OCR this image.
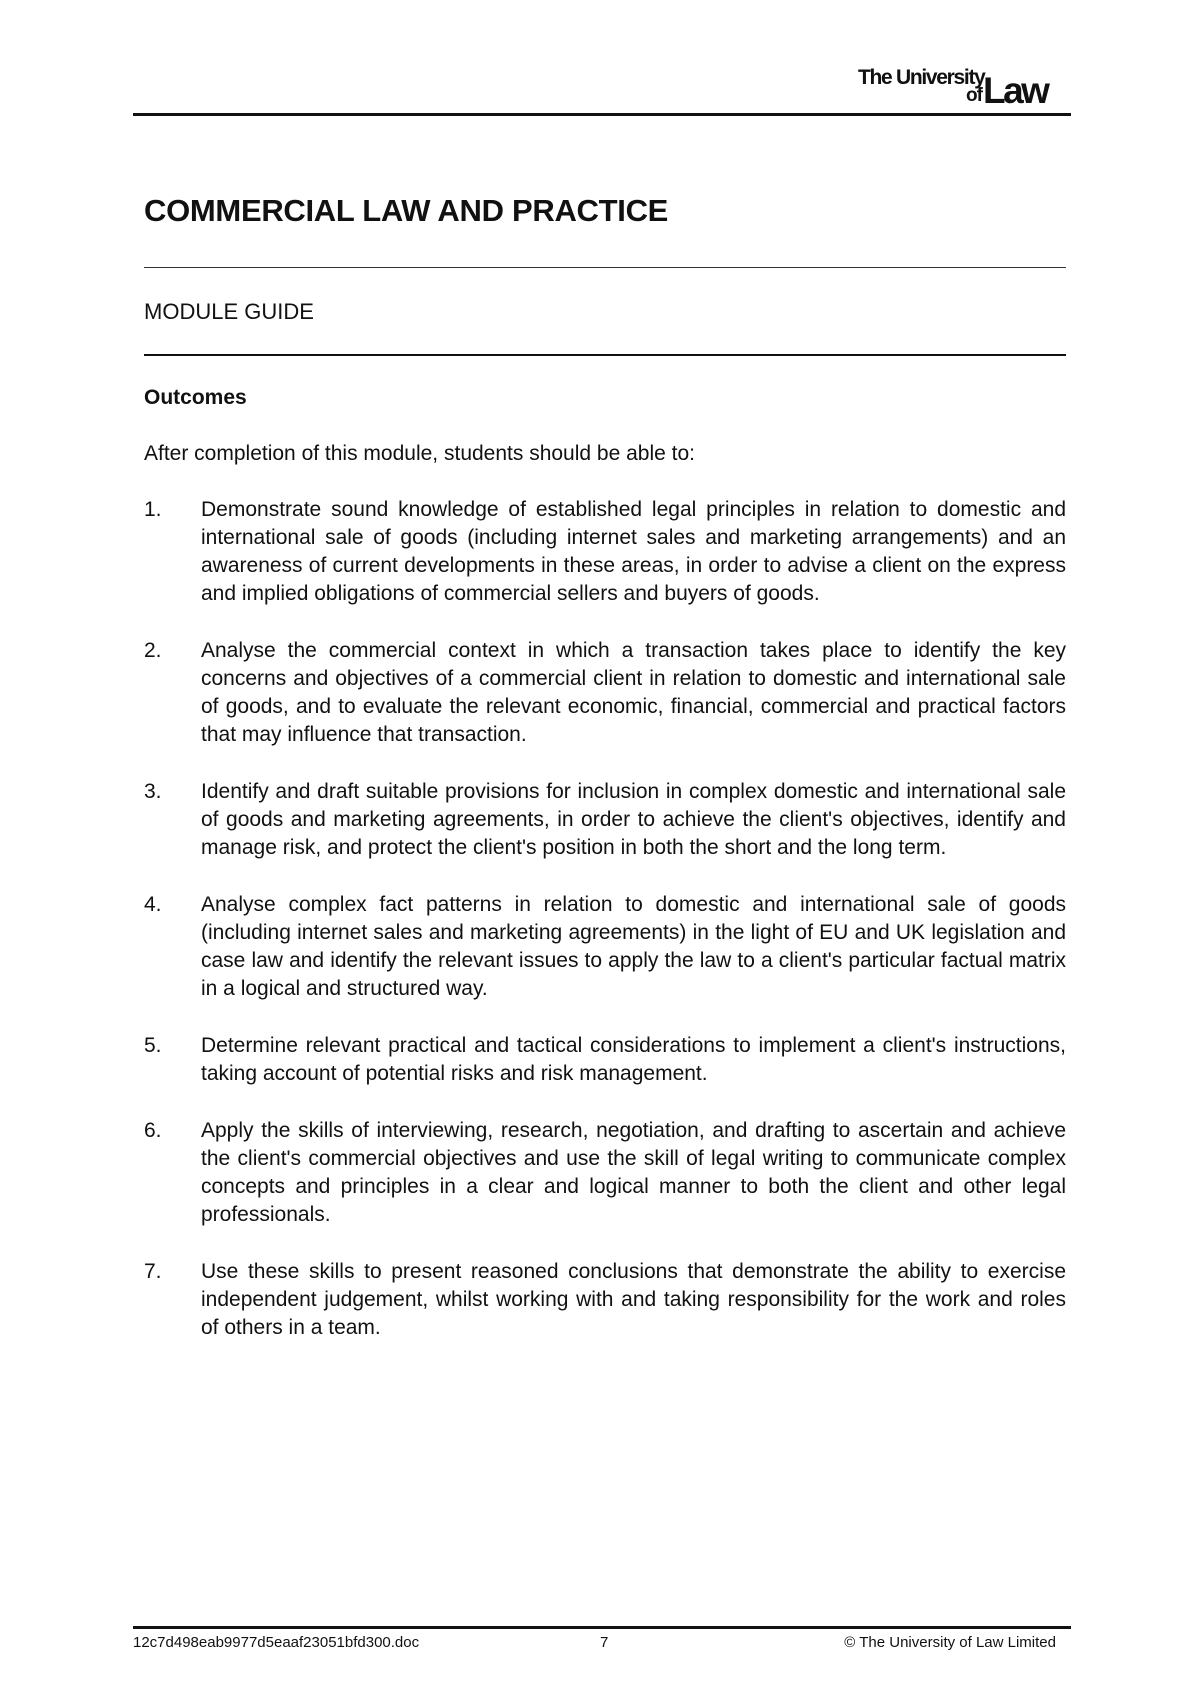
The University
of Law
COMMERCIAL LAW AND PRACTICE
MODULE GUIDE
Outcomes
After completion of this module, students should be able to:
1.	Demonstrate sound knowledge of established legal principles in relation to domestic and international sale of goods (including internet sales and marketing arrangements) and an awareness of current developments in these areas, in order to advise a client on the express and implied obligations of commercial sellers and buyers of goods.
2.	Analyse the commercial context in which a transaction takes place to identify the key concerns and objectives of a commercial client in relation to domestic and international sale of goods, and to evaluate the relevant economic, financial, commercial and practical factors that may influence that transaction.
3.	Identify and draft suitable provisions for inclusion in complex domestic and international sale of goods and marketing agreements, in order to achieve the client's objectives, identify and manage risk, and protect the client's position in both the short and the long term.
4.	Analyse complex fact patterns in relation to domestic and international sale of goods (including internet sales and marketing agreements) in the light of EU and UK legislation and case law and identify the relevant issues to apply the law to a client's particular factual matrix in a logical and structured way.
5.	Determine relevant practical and tactical considerations to implement a client's instructions, taking account of potential risks and risk management.
6.	Apply the skills of interviewing, research, negotiation, and drafting to ascertain and achieve the client's commercial objectives and use the skill of legal writing to communicate complex concepts and principles in a clear and logical manner to both the client and other legal professionals.
7.	Use these skills to present reasoned conclusions that demonstrate the ability to exercise independent judgement, whilst working with and taking responsibility for the work and roles of others in a team.
12c7d498eab9977d5eaaf23051bfd300.doc	7	© The University of Law Limited
